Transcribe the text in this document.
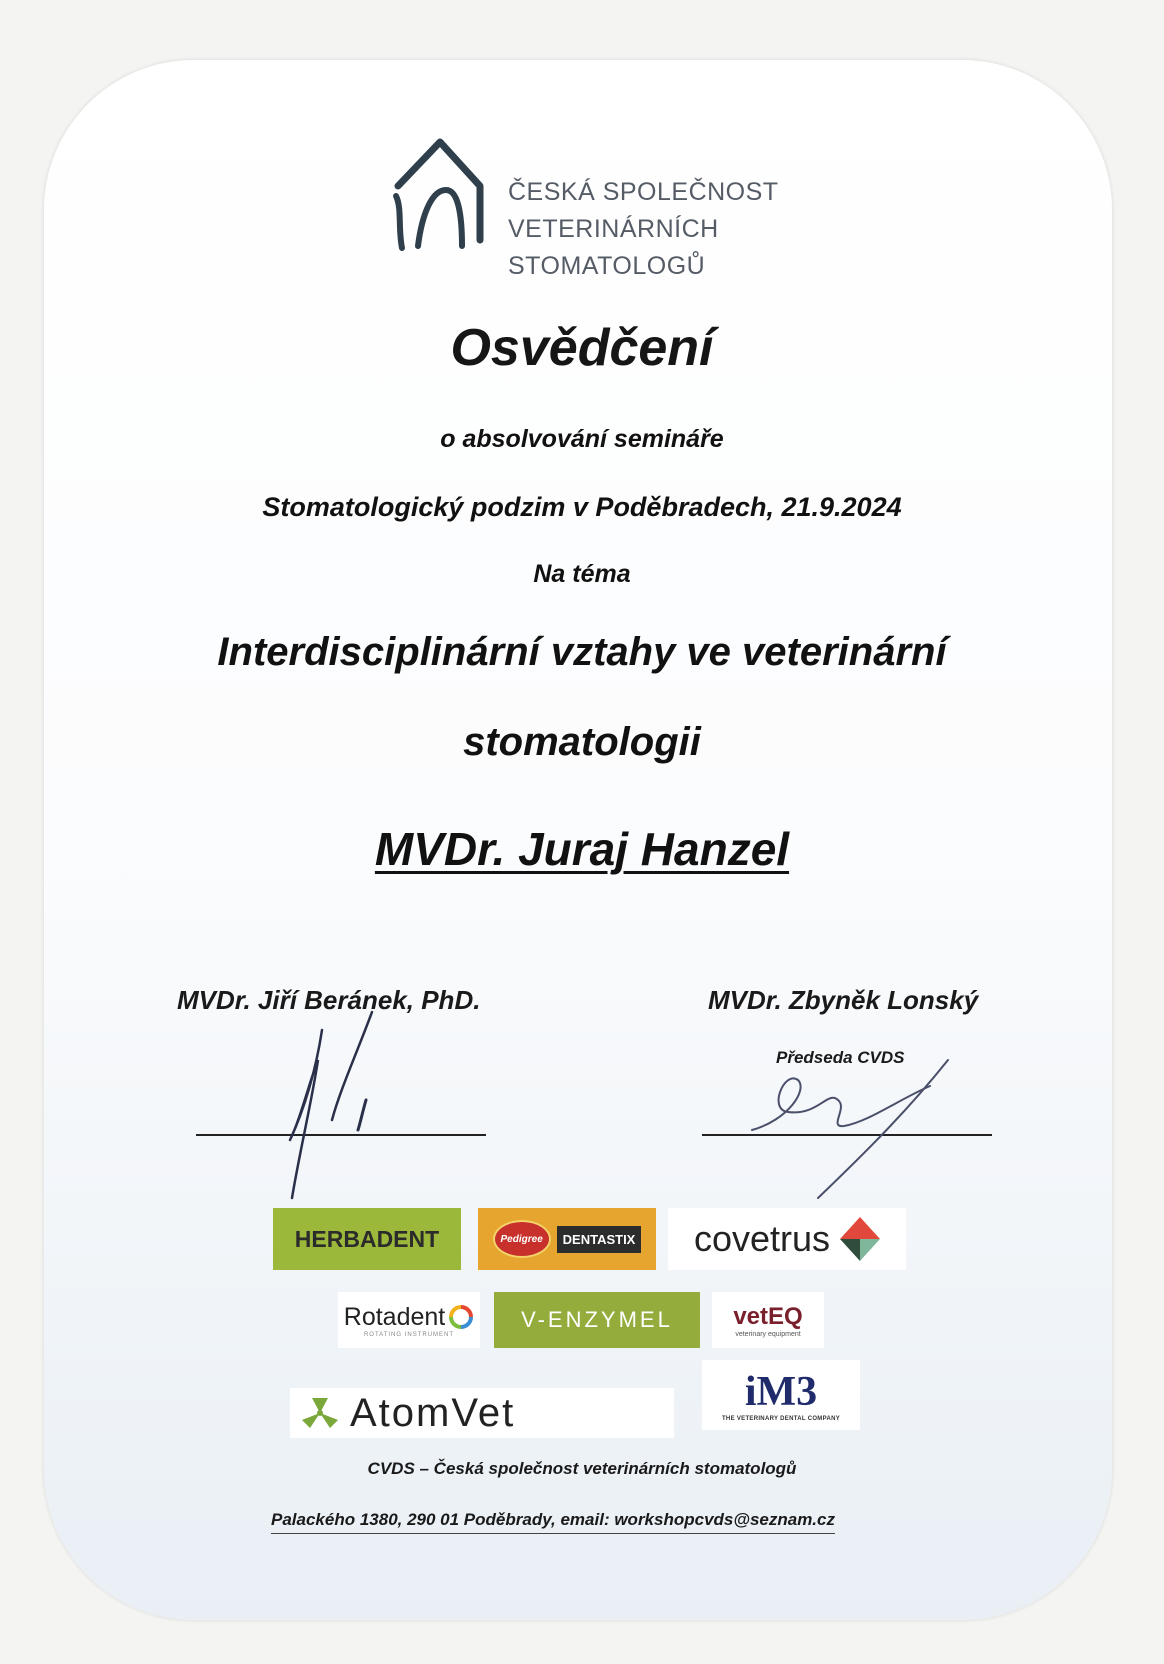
ČESKÁ SPOLEČNOST
VETERINÁRNÍCH
STOMATOLOGŮ
Osvědčení
o absolvování semináře
Stomatologický podzim v Poděbradech, 21.9.2024
Na téma
Interdisciplinární vztahy ve veterinární
stomatologii
MVDr. Juraj Hanzel
MVDr. Jiří Beránek, PhD.	MVDr. Zbyněk Lonský
Předseda CVDS
HERBADENT	Pedigree	DENTASTIX covetrus
Rotadent
ROTATING INSTRUMENT
V-ENZYMEL	vetEQ
veterinary equipment
AtomVet	iM3
THE VETERINARY DENTAL COMPANY
CVDS – Česká společnost veterinárních stomatologů
Palackého 1380, 290 01 Poděbrady, email: workshopcvds@seznam.cz
